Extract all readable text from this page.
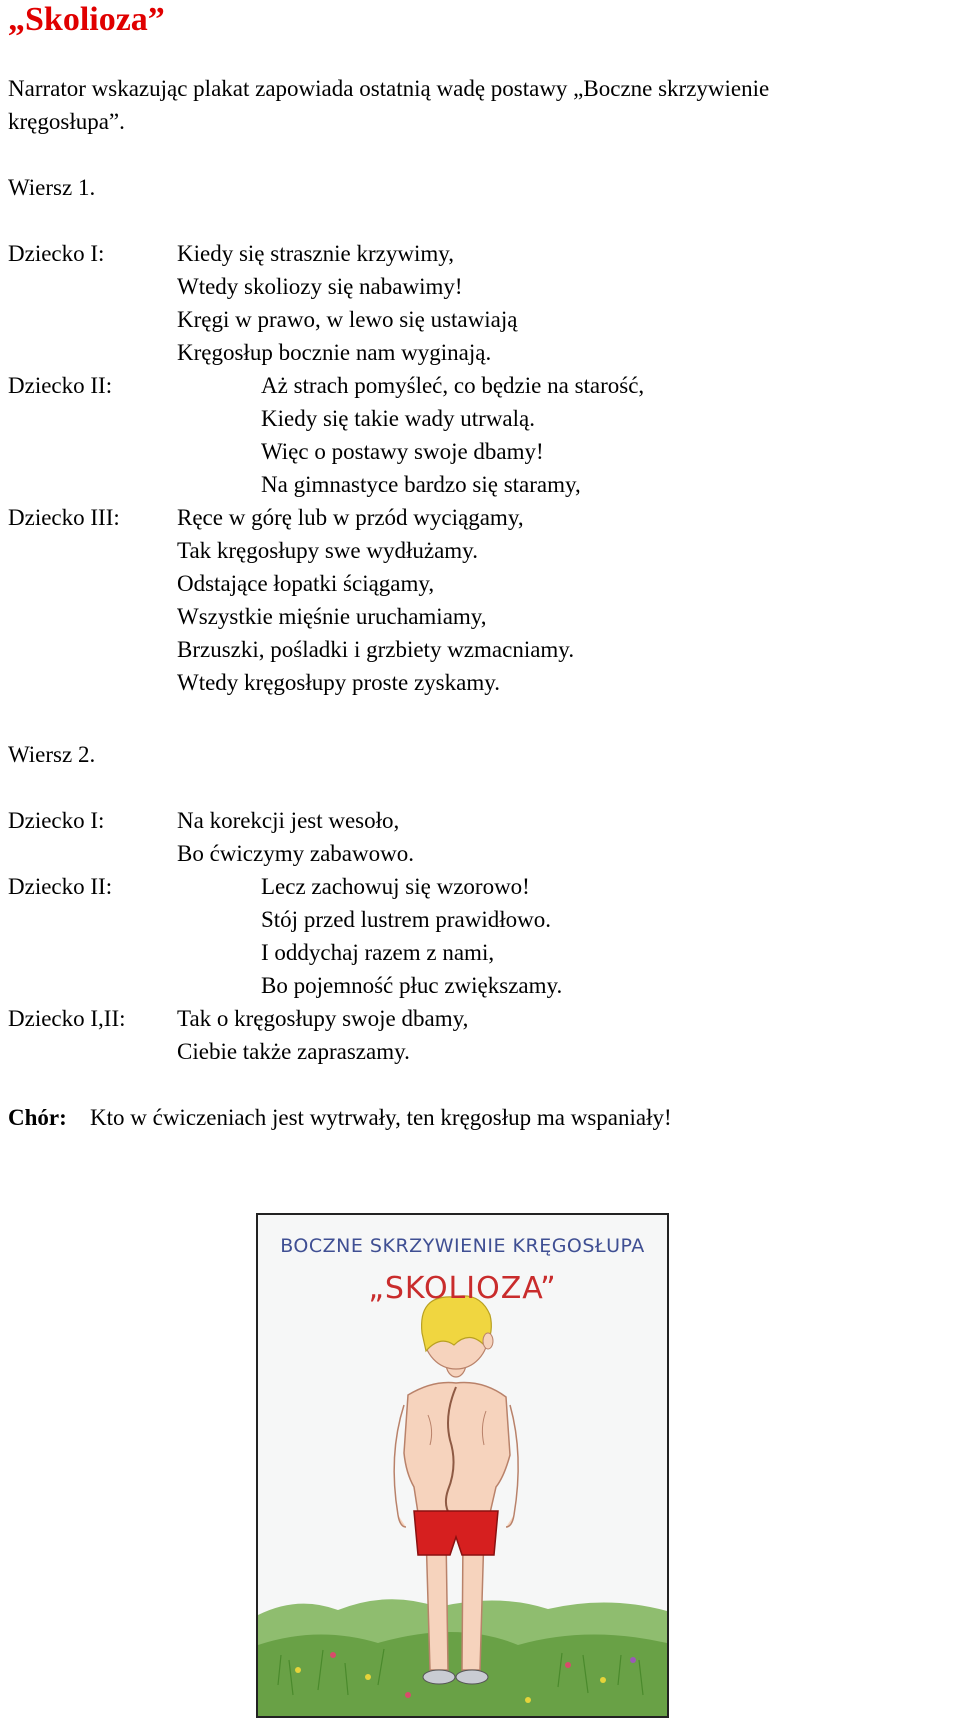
„Skolioza”
Narrator wskazując plakat zapowiada ostatnią wadę postawy „Boczne skrzywienie
kręgosłupa”.
Wiersz 1.
Dziecko I:	Kiedy się strasznie krzywimy,
Wtedy skoliozy się nabawimy!
Kręgi w prawo, w lewo się ustawiają
Kręgosłup bocznie nam wyginają.
Dziecko II:	Aż strach pomyśleć, co będzie na starość,
Kiedy się takie wady utrwalą.
Więc o postawy swoje dbamy!
Na gimnastyce bardzo się staramy,
Dziecko III: Ręce w górę lub w przód wyciągamy,
Tak kręgosłupy swe wydłużamy.
Odstające łopatki ściągamy,
Wszystkie mięśnie uruchamiamy,
Brzuszki, pośladki i grzbiety wzmacniamy.
Wtedy kręgosłupy proste zyskamy.
Wiersz 2.
Dziecko I:	Na korekcji jest wesoło,
Bo ćwiczymy zabawowo.
Dziecko II:	Lecz zachowuj się wzorowo!
Stój przed lustrem prawidłowo.
I oddychaj razem z nami,
Bo pojemność płuc zwiększamy.
Dziecko I,II: Tak o kręgosłupy swoje dbamy,
Ciebie także zapraszamy.
Chór: Kto w ćwiczeniach jest wytrwały, ten kręgosłup ma wspaniały!
BOCZNE SKRZYWIENIE KRĘGOSŁUPA
„SKOLIOZA”
